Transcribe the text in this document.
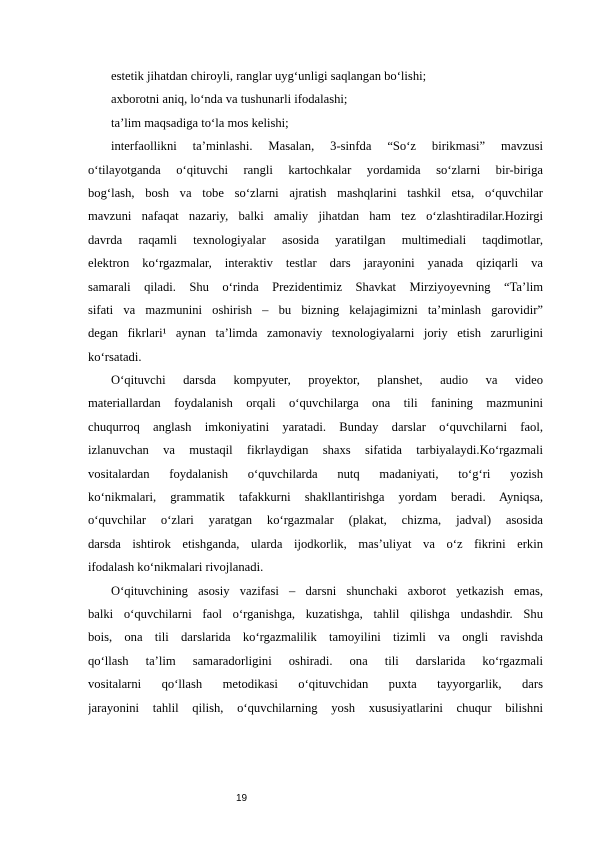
estetik jihatdan chiroyli, ranglar uyg‘unligi saqlangan bo‘lishi;
axborotni aniq, lo‘nda va tushunarli ifodalashi;
ta’lim maqsadiga to‘la mos kelishi;
interfaollikni ta’minlashi. Masalan, 3-sinfda “So‘z birikmasi” mavzusi
o‘tilayotganda o‘qituvchi rangli kartochkalar yordamida so‘zlarni bir-biriga
bog‘lash, bosh va tobe so‘zlarni ajratish mashqlarini tashkil etsa, o‘quvchilar
mavzuni nafaqat nazariy, balki amaliy jihatdan ham tez o‘zlashtiradilar.Hozirgi
davrda raqamli texnologiyalar asosida yaratilgan multimediali taqdimotlar,
elektron ko‘rgazmalar, interaktiv testlar dars jarayonini yanada qiziqarli va
samarali qiladi. Shu o‘rinda Prezidentimiz Shavkat Mirziyoyevning “Ta’lim
sifati va mazmunini oshirish – bu bizning kelajagimizni ta’minlash garovidir”
degan fikrlari¹ aynan ta’limda zamonaviy texnologiyalarni joriy etish zarurligini
ko‘rsatadi.
O‘qituvchi darsda kompyuter, proyektor, planshet, audio va video
materiallardan foydalanish orqali o‘quvchilarga ona tili fanining mazmunini
chuqurroq anglash imkoniyatini yaratadi. Bunday darslar o‘quvchilarni faol,
izlanuvchan va mustaqil fikrlaydigan shaxs sifatida tarbiyalaydi.Ko‘rgazmali
vositalardan foydalanish o‘quvchilarda nutq madaniyati, to‘g‘ri yozish
ko‘nikmalari, grammatik tafakkurni shakllantirishga yordam beradi. Ayniqsa,
o‘quvchilar o‘zlari yaratgan ko‘rgazmalar (plakat, chizma, jadval) asosida
darsda ishtirok etishganda, ularda ijodkorlik, mas’uliyat va o‘z fikrini erkin
ifodalash ko‘nikmalari rivojlanadi.
O‘qituvchining asosiy vazifasi – darsni shunchaki axborot yetkazish emas,
balki o‘quvchilarni faol o‘rganishga, kuzatishga, tahlil qilishga undashdir. Shu
bois, ona tili darslarida ko‘rgazmalilik tamoyilini tizimli va ongli ravishda
qo‘llash ta’lim samaradorligini oshiradi. ona tili darslarida ko‘rgazmali
vositalarni qo‘llash metodikasi o‘qituvchidan puxta tayyorgarlik, dars
jarayonini tahlil qilish, o‘quvchilarning yosh xususiyatlarini chuqur bilishni
19
